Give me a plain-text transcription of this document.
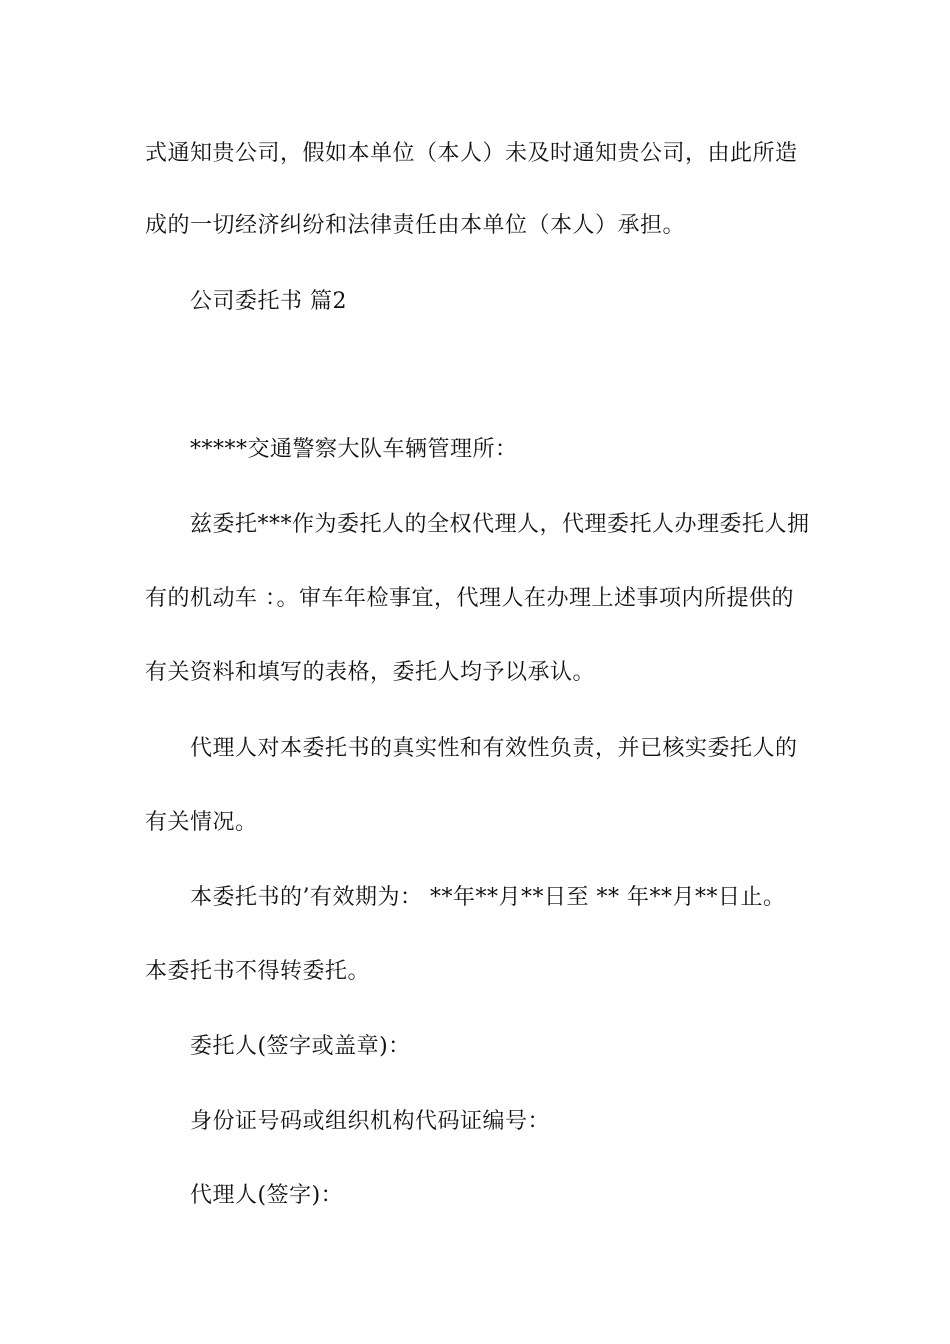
式通知贵公司，假如本单位（本人）未及时通知贵公司，由此所造
成的一切经济纠纷和法律责任由本单位（本人）承担。
公司委托书 篇2
*****交通警察大队车辆管理所：
兹委托***作为委托人的全权代理人，代理委托人办理委托人拥
有的机动车 ：。审车年检事宜，代理人在办理上述事项内所提供的
有关资料和填写的表格，委托人均予以承认。
代理人对本委托书的真实性和有效性负责，并已核实委托人的
有关情况。
本委托书的’有效期为： **年**月**日至 ** 年**月**日止。
本委托书不得转委托。
委托人(签字或盖章)：
身份证号码或组织机构代码证编号：
代理人(签字)：
